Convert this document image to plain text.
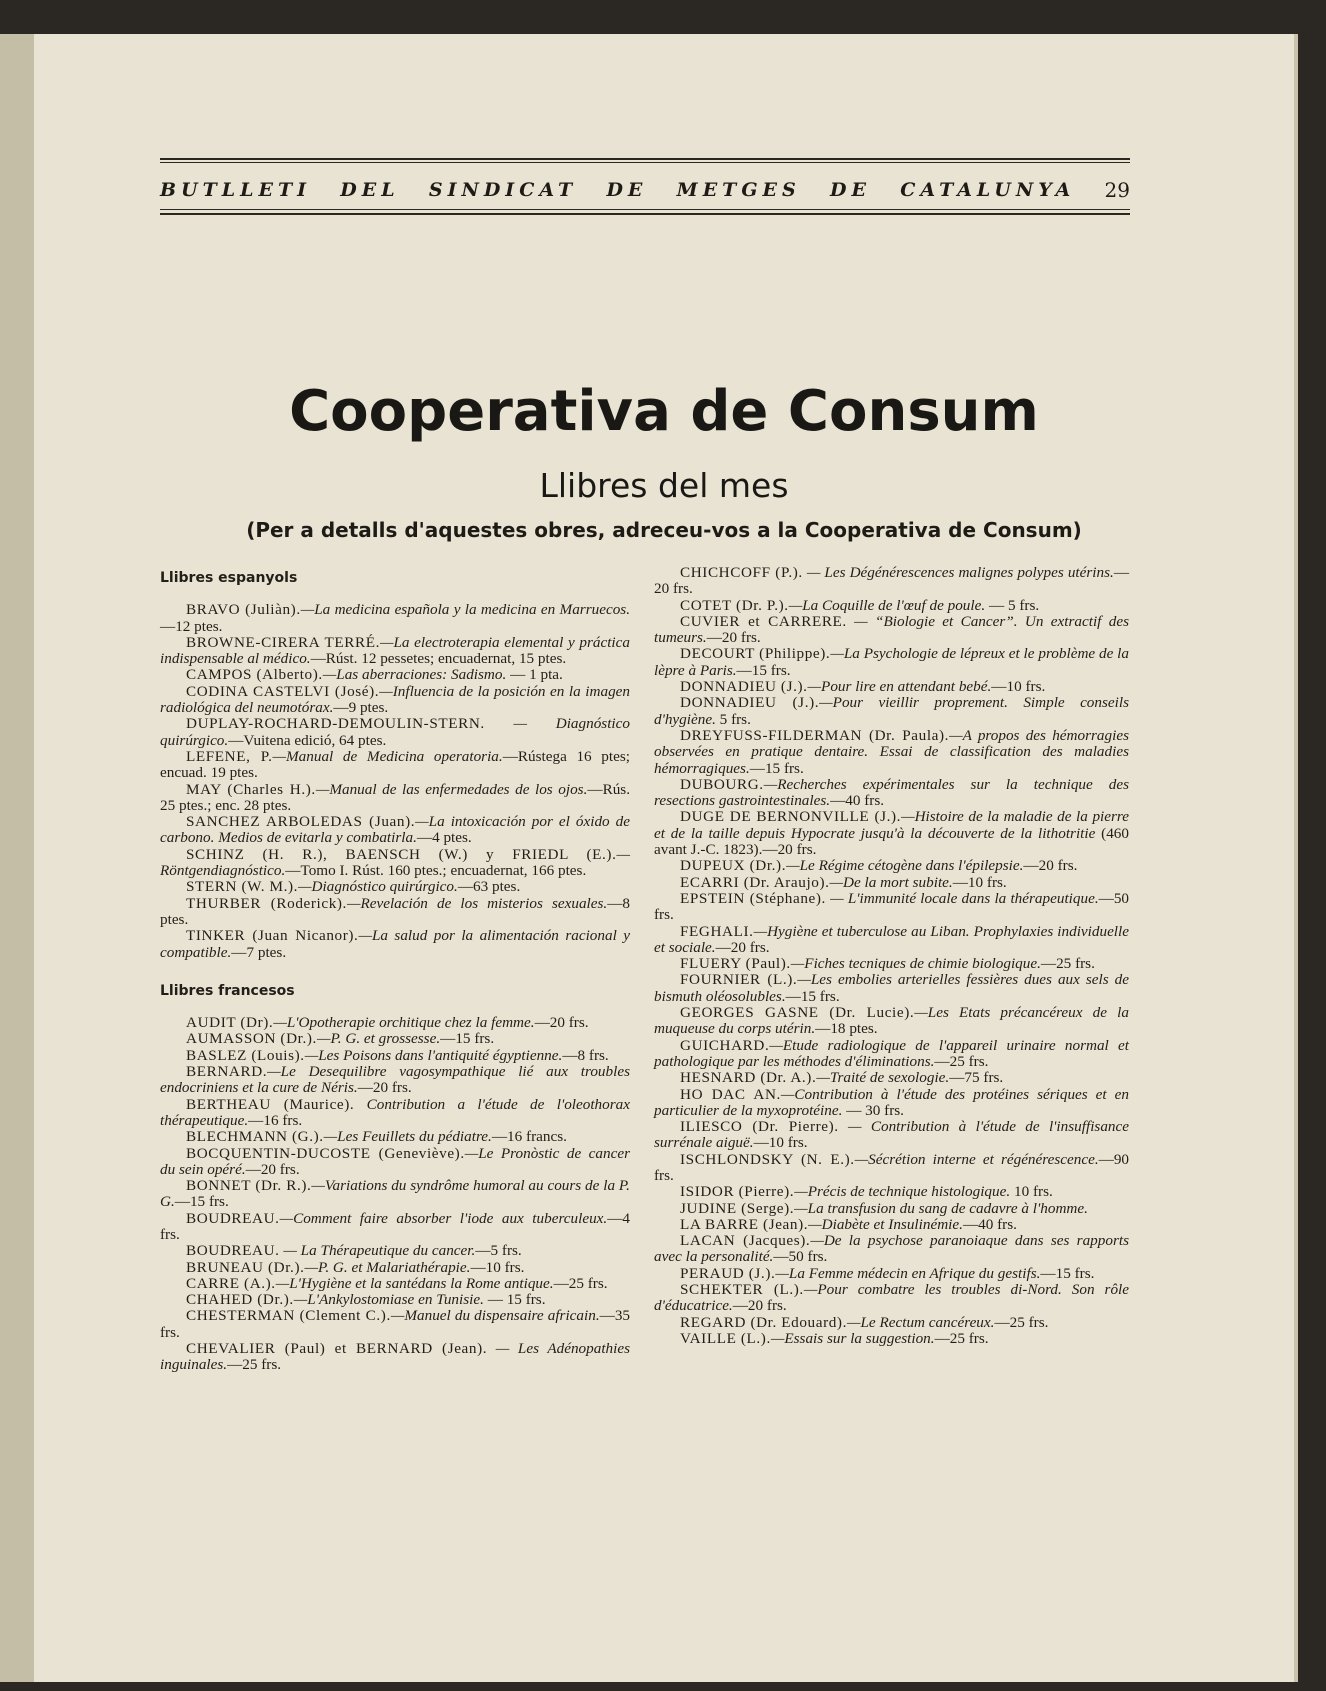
BUTLLETI DEL SINDICAT DE METGES DE CATALUNYA 29
Cooperativa de Consum
Llibres del mes
(Per a detalls d'aquestes obres, adreceu-vos a la Cooperativa de Consum)
Llibres espanyols

BRAVO (Juliàn).—La medicina española y la medicina en Marruecos.—12 ptes.

BROWNE-CIRERA TERRÉ.—La electroterapia elemental y práctica indispensable al médico.—Rúst. 12 pessetes; encuadernat, 15 ptes.

CAMPOS (Alberto).—Las aberraciones: Sadismo. — 1 pta.

CODINA CASTELVI (José).—Influencia de la posición en la imagen radiológica del neumotórax.—9 ptes.

DUPLAY-ROCHARD-DEMOULIN-STERN. — Diagnóstico quirúrgico.—Vuitena edició, 64 ptes.

LEFENE, P.—Manual de Medicina operatoria.—Rústega 16 ptes; encuad. 19 ptes.

MAY (Charles H.).—Manual de las enfermedades de los ojos.—Rús. 25 ptes.; enc. 28 ptes.

SANCHEZ ARBOLEDAS (Juan).—La intoxicación por el óxido de carbono. Medios de evitarla y combatirla.—4 ptes.

SCHINZ (H. R.), BAENSCH (W.) y FRIEDL (E.).—Röntgendiagnóstico.—Tomo I. Rúst. 160 ptes.; encuadernat, 166 ptes.

STERN (W. M.).—Diagnóstico quirúrgico.—63 ptes.

THURBER (Roderick).—Revelación de los misterios sexuales.—8 ptes.

TINKER (Juan Nicanor).—La salud por la alimentación racional y compatible.—7 ptes.

Llibres francesos

AUDIT (Dr).—L'Opotherapie orchitique chez la femme.—20 frs.

AUMASSON (Dr.).—P. G. et grossesse.—15 frs.

BASLEZ (Louis).—Les Poisons dans l'antiquité égyptienne.—8 frs.

BERNARD.—Le Desequilibre vagosympathique lié aux troubles endocriniens et la cure de Néris.—20 frs.

BERTHEAU (Maurice). Contribution a l'étude de l'oleothorax thérapeutique.—16 frs.

BLECHMANN (G.).—Les Feuillets du pédiatre.—16 francs.

BOCQUENTIN-DUCOSTE (Geneviève).—Le Pronòstic de cancer du sein opéré.—20 frs.

BONNET (Dr. R.).—Variations du syndrôme humoral au cours de la P. G.—15 frs.

BOUDREAU.—Comment faire absorber l'iode aux tuberculeux.—4 frs.

BOUDREAU. — La Thérapeutique du cancer.—5 frs.

BRUNEAU (Dr.).—P. G. et Malariathérapie.—10 frs.

CARRE (A.).—L'Hygiène et la santédans la Rome antique.—25 frs.

CHAHED (Dr.).—L'Ankylostomiase en Tunisie. — 15 frs.

CHESTERMAN (Clement C.).—Manuel du dispensaire africain.—35 frs.

CHEVALIER (Paul) et BERNARD (Jean). — Les Adénopathies inguinales.—25 frs.

CHICHCOFF (P.). — Les Dégénérescences malignes polypes utérins.—20 frs.

COTET (Dr. P.).—La Coquille de l'œuf de poule. — 5 frs.

CUVIER et CARRERE. — “Biologie et Cancer”. Un extractif des tumeurs.—20 frs.

DECOURT (Philippe).—La Psychologie de lépreux et le problème de la lèpre à Paris.—15 frs.

DONNADIEU (J.).—Pour lire en attendant bebé.—10 frs.

DONNADIEU (J.).—Pour vieillir proprement. Simple conseils d'hygiène. 5 frs.

DREYFUSS-FILDERMAN (Dr. Paula).—A propos des hémorragies observées en pratique dentaire. Essai de classification des maladies hémorragiques.—15 frs.

DUBOURG.—Recherches expérimentales sur la technique des resections gastrointestinales.—40 frs.

DUGE DE BERNONVILLE (J.).—Histoire de la maladie de la pierre et de la taille depuis Hypocrate jusqu'à la découverte de la lithotritie (460 avant J.-C. 1823).—20 frs.

DUPEUX (Dr.).—Le Régime cétogène dans l'épilepsie.—20 frs.

ECARRI (Dr. Araujo).—De la mort subite.—10 frs.

EPSTEIN (Stéphane). — L'immunité locale dans la thérapeutique.—50 frs.

FEGHALI.—Hygiène et tuberculose au Liban. Prophylaxies individuelle et sociale.—20 frs.

FLUERY (Paul).—Fiches tecniques de chimie biologique.—25 frs.

FOURNIER (L.).—Les embolies arterielles fessières dues aux sels de bismuth oléosolubles.—15 frs.

GEORGES GASNE (Dr. Lucie).—Les Etats précancéreux de la muqueuse du corps utérin.—18 ptes.

GUICHARD.—Etude radiologique de l'appareil urinaire normal et pathologique par les méthodes d'éliminations.—25 frs.

HESNARD (Dr. A.).—Traité de sexologie.—75 frs.

HO DAC AN.—Contribution à l'étude des protéines sériques et en particulier de la myxoprotéine. — 30 frs.

ILIESCO (Dr. Pierre). — Contribution à l'étude de l'insuffisance surrénale aiguë.—10 frs.

ISCHLONDSKY (N. E.).—Sécrétion interne et régénérescence.—90 frs.

ISIDOR (Pierre).—Précis de technique histologique. 10 frs.

JUDINE (Serge).—La transfusion du sang de cadavre à l'homme.

LA BARRE (Jean).—Diabète et Insulinémie.—40 frs.

LACAN (Jacques).—De la psychose paranoiaque dans ses rapports avec la personalité.—50 frs.

PERAUD (J.).—La Femme médecin en Afrique du gestifs.—15 frs.

SCHEKTER (L.).—Pour combatre les troubles di-Nord. Son rôle d'éducatrice.—20 frs.

REGARD (Dr. Edouard).—Le Rectum cancéreux.—25 frs.

VAILLE (L.).—Essais sur la suggestion.—25 frs.
